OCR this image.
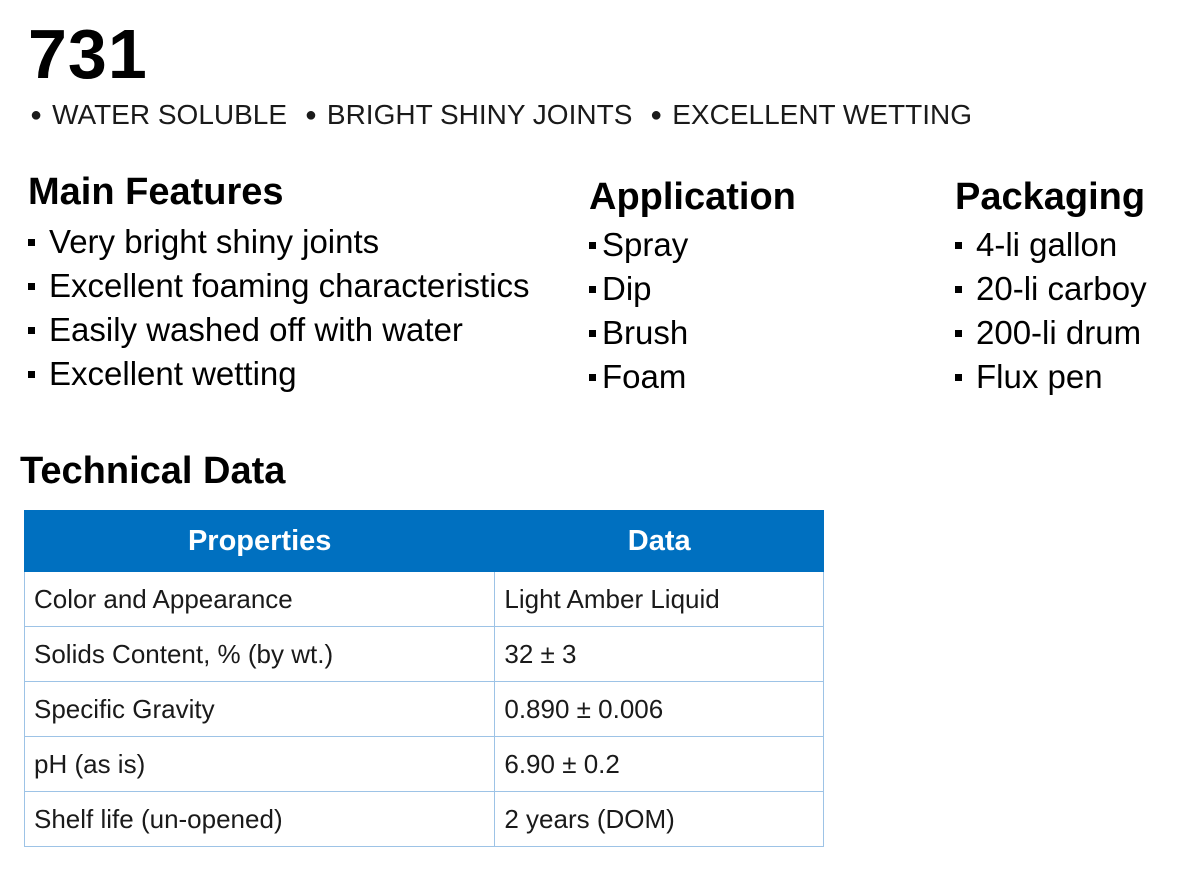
731
● WATER SOLUBLE ● BRIGHT SHINY JOINTS ● EXCELLENT WETTING
Main Features
Very bright shiny joints
Excellent foaming characteristics
Easily washed off with water
Excellent wetting
Application
Spray
Dip
Brush
Foam
Packaging
4-li gallon
20-li carboy
200-li drum
Flux pen
Technical Data
Properties	Data
Color and Appearance	Light Amber Liquid
Solids Content, % (by wt.)	32 ± 3
Specific Gravity	0.890 ± 0.006
pH (as is)	6.90 ± 0.2
Shelf life (un-opened)	2 years (DOM)
